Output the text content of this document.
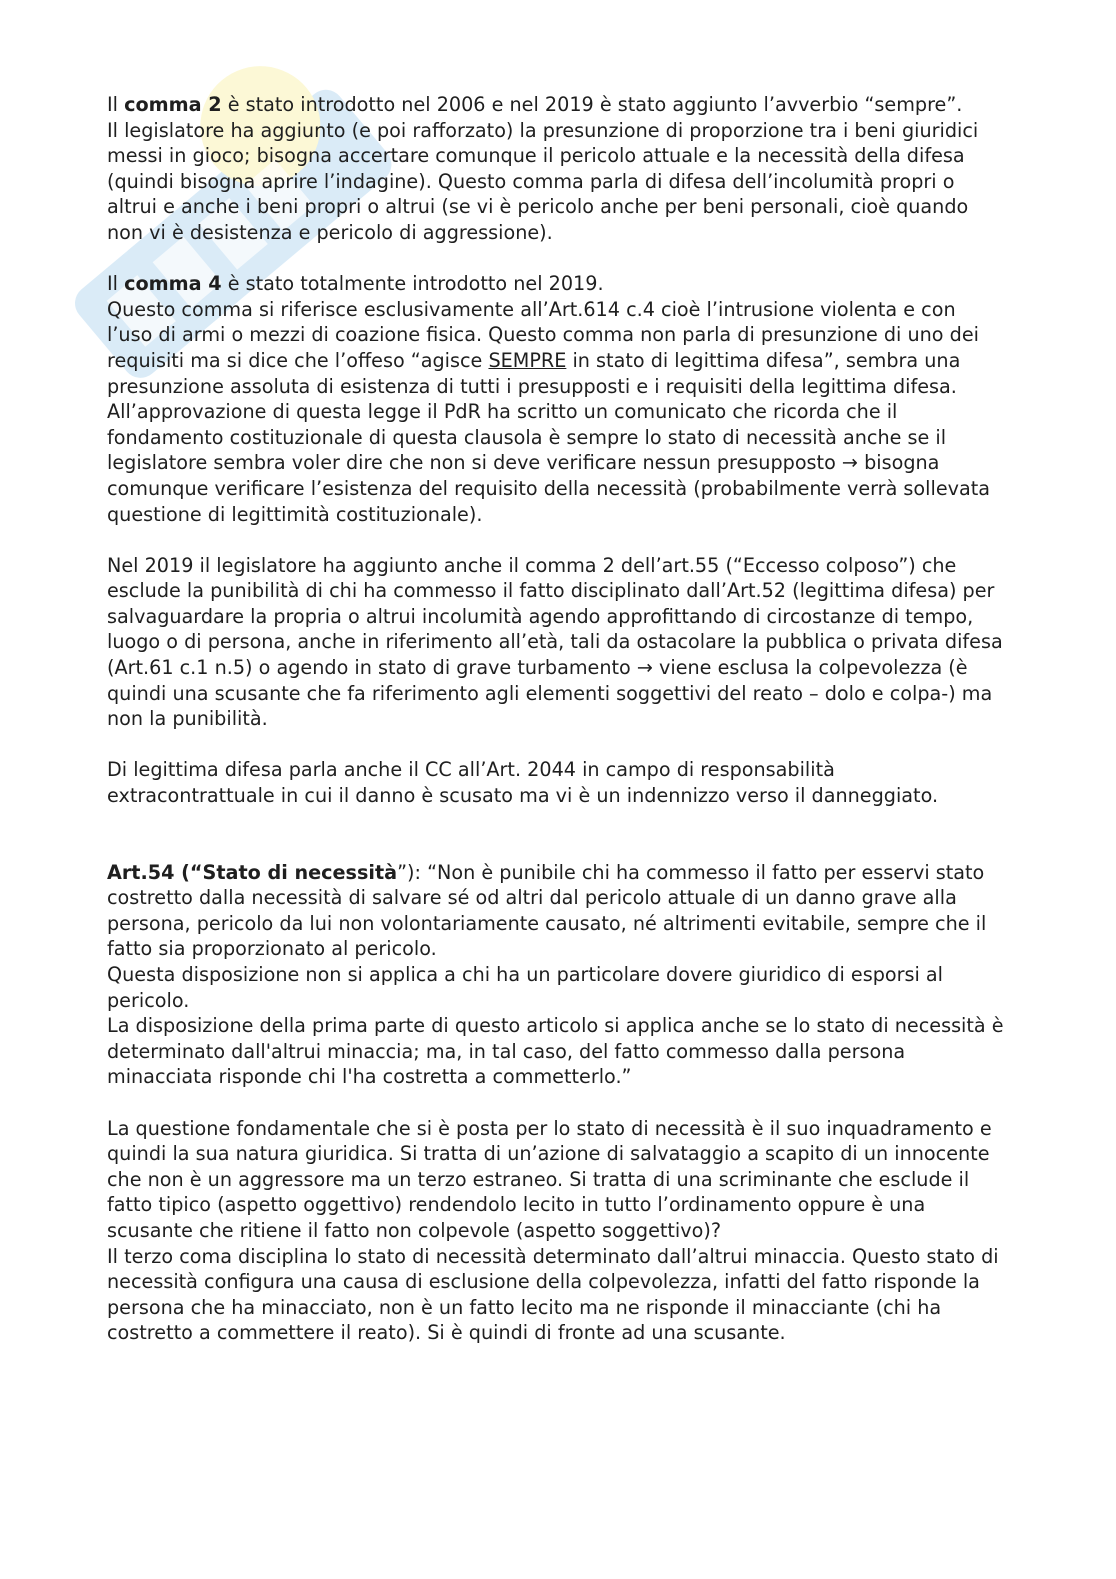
Il comma 2 è stato introdotto nel 2006 e nel 2019 è stato aggiunto l’avverbio “sempre”.
Il legislatore ha aggiunto (e poi rafforzato) la presunzione di proporzione tra i beni giuridici messi in gioco; bisogna accertare comunque il pericolo attuale e la necessità della difesa (quindi bisogna aprire l’indagine). Questo comma parla di difesa dell’incolumità propri o altrui e anche i beni propri o altrui (se vi è pericolo anche per beni personali, cioè quando non vi è desistenza e pericolo di aggressione).

Il comma 4 è stato totalmente introdotto nel 2019.
Questo comma si riferisce esclusivamente all’Art.614 c.4 cioè l’intrusione violenta e con l’uso di armi o mezzi di coazione fisica. Questo comma non parla di presunzione di uno dei requisiti ma si dice che l’offeso “agisce SEMPRE in stato di legittima difesa”, sembra una presunzione assoluta di esistenza di tutti i presupposti e i requisiti della legittima difesa. All’approvazione di questa legge il PdR ha scritto un comunicato che ricorda che il fondamento costituzionale di questa clausola è sempre lo stato di necessità anche se il legislatore sembra voler dire che non si deve verificare nessun presupposto → bisogna comunque verificare l’esistenza del requisito della necessità (probabilmente verrà sollevata questione di legittimità costituzionale).

Nel 2019 il legislatore ha aggiunto anche il comma 2 dell’art.55 (“Eccesso colposo”) che esclude la punibilità di chi ha commesso il fatto disciplinato dall’Art.52 (legittima difesa) per salvaguardare la propria o altrui incolumità agendo approfittando di circostanze di tempo, luogo o di persona, anche in riferimento all’età, tali da ostacolare la pubblica o privata difesa (Art.61 c.1 n.5) o agendo in stato di grave turbamento → viene esclusa la colpevolezza (è quindi una scusante che fa riferimento agli elementi soggettivi del reato – dolo e colpa-) ma non la punibilità.

Di legittima difesa parla anche il CC all’Art. 2044 in campo di responsabilità extracontrattuale in cui il danno è scusato ma vi è un indennizzo verso il danneggiato.

Art.54 (“Stato di necessità”): “Non è punibile chi ha commesso il fatto per esservi stato costretto dalla necessità di salvare sé od altri dal pericolo attuale di un danno grave alla persona, pericolo da lui non volontariamente causato, né altrimenti evitabile, sempre che il fatto sia proporzionato al pericolo.
Questa disposizione non si applica a chi ha un particolare dovere giuridico di esporsi al pericolo.
La disposizione della prima parte di questo articolo si applica anche se lo stato di necessità è determinato dall'altrui minaccia; ma, in tal caso, del fatto commesso dalla persona minacciata risponde chi l'ha costretta a commetterlo.”

La questione fondamentale che si è posta per lo stato di necessità è il suo inquadramento e quindi la sua natura giuridica. Si tratta di un’azione di salvataggio a scapito di un innocente che non è un aggressore ma un terzo estraneo. Si tratta di una scriminante che esclude il fatto tipico (aspetto oggettivo) rendendolo lecito in tutto l’ordinamento oppure è una scusante che ritiene il fatto non colpevole (aspetto soggettivo)?
Il terzo coma disciplina lo stato di necessità determinato dall’altrui minaccia. Questo stato di necessità configura una causa di esclusione della colpevolezza, infatti del fatto risponde la persona che ha minacciato, non è un fatto lecito ma ne risponde il minacciante (chi ha costretto a commettere il reato). Si è quindi di fronte ad una scusante.
